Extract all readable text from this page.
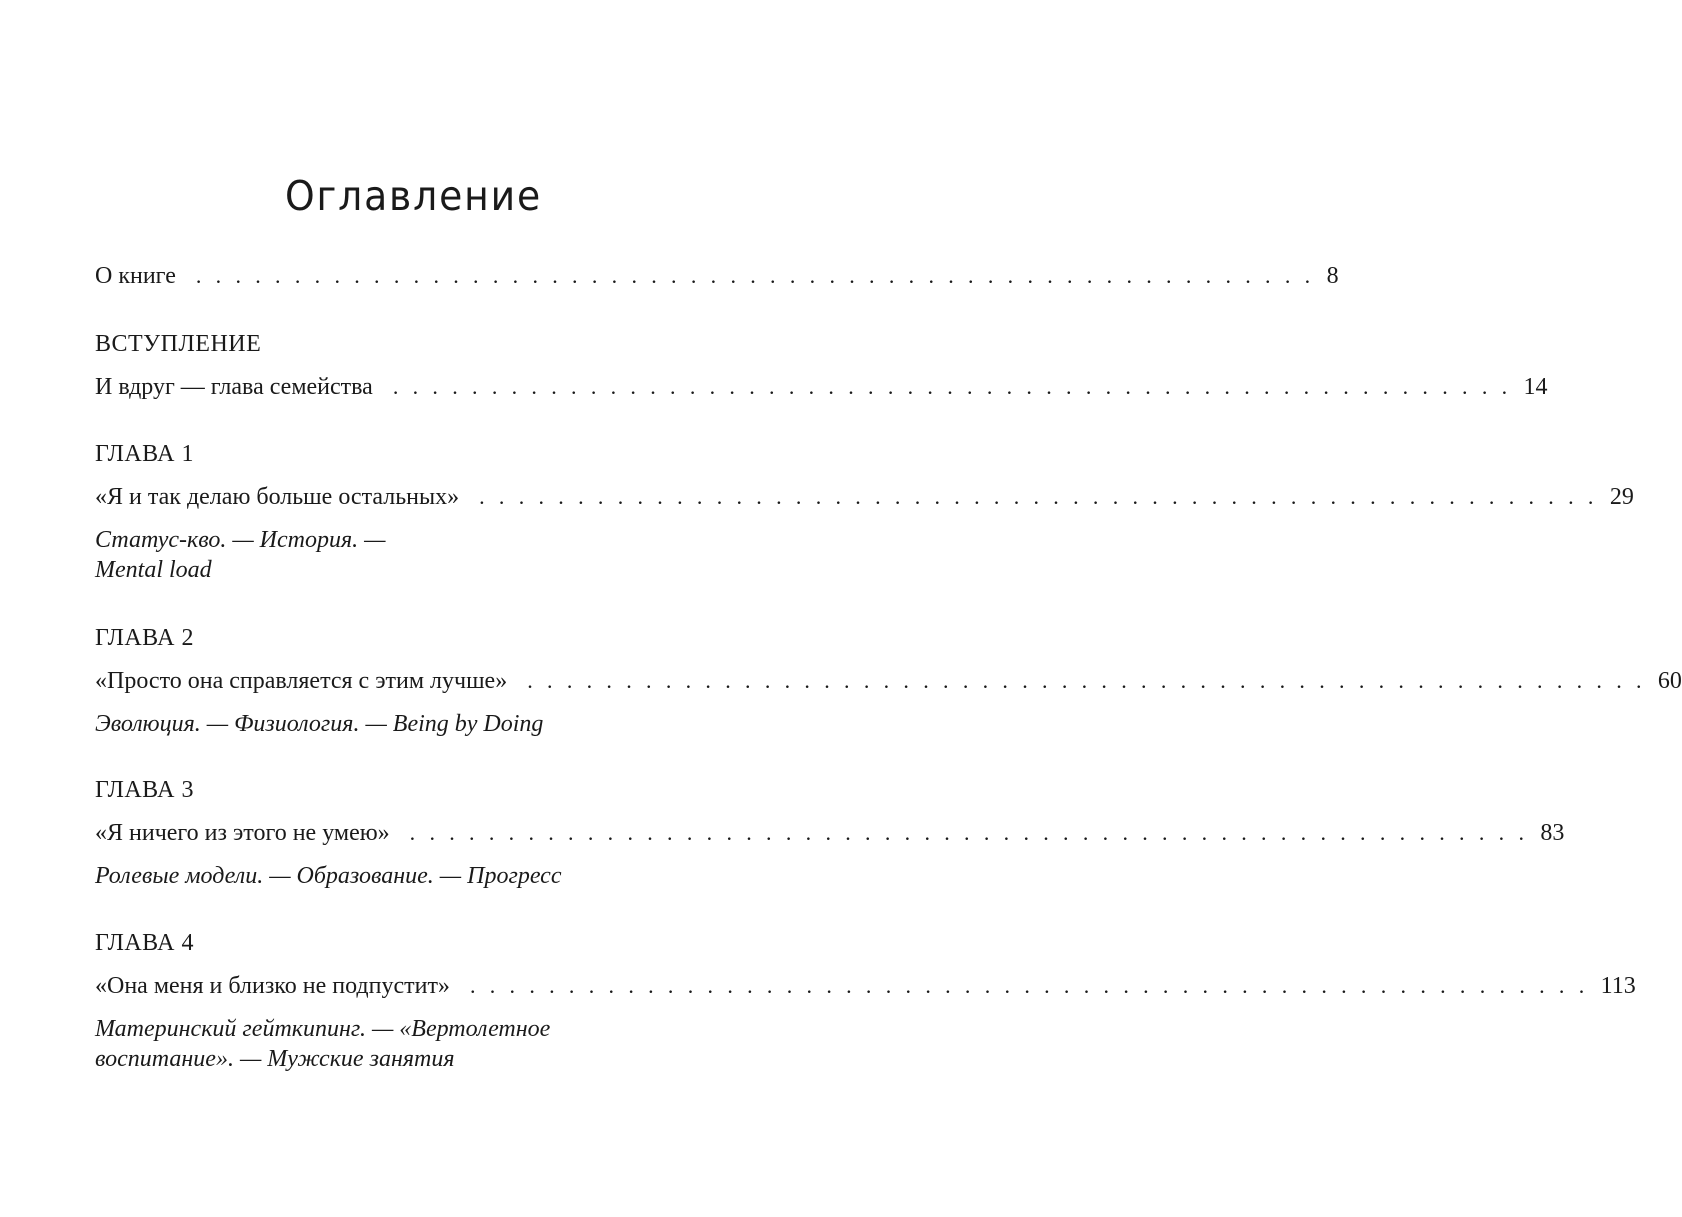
Оглавление
О книге . . . . . . . . . . . . . . . . . . . . . . . . . . . . . . . . . . . . . . . . . . . . . . . . . . . . . . . . . 8
ВСТУПЛЕНИЕ
И вдруг — глава семейства . . . . . . . . . . . . . . . . . . . . . . . . . . . . . . . . . . . . . . . . . . . . . . . . . . . . . . . . . 14
ГЛАВА 1
«Я и так делаю больше остальных» . . . . . . . . . . . . . . . . . . . . . . . . . . . . . . . . . . . . . . . . . . . . . . . . . . . . . . . . . 29
Статус-кво. — История. —
Mental load
ГЛАВА 2
«Просто она справляется с этим лучше» . . . . . . . . . . . . . . . . . . . . . . . . . . . . . . . . . . . . . . . . . . . . . . . . . . . . . . . . . 60
Эволюция. — Физиология. — Being by Doing
ГЛАВА 3
«Я ничего из этого не умею» . . . . . . . . . . . . . . . . . . . . . . . . . . . . . . . . . . . . . . . . . . . . . . . . . . . . . . . . . 83
Ролевые модели. — Образование. — Прогресс
ГЛАВА 4
«Она меня и близко не подпустит» . . . . . . . . . . . . . . . . . . . . . . . . . . . . . . . . . . . . . . . . . . . . . . . . . . . . . . . . . 113
Материнский гейткипинг. — «Вертолетное
воспитание». — Мужские занятия
